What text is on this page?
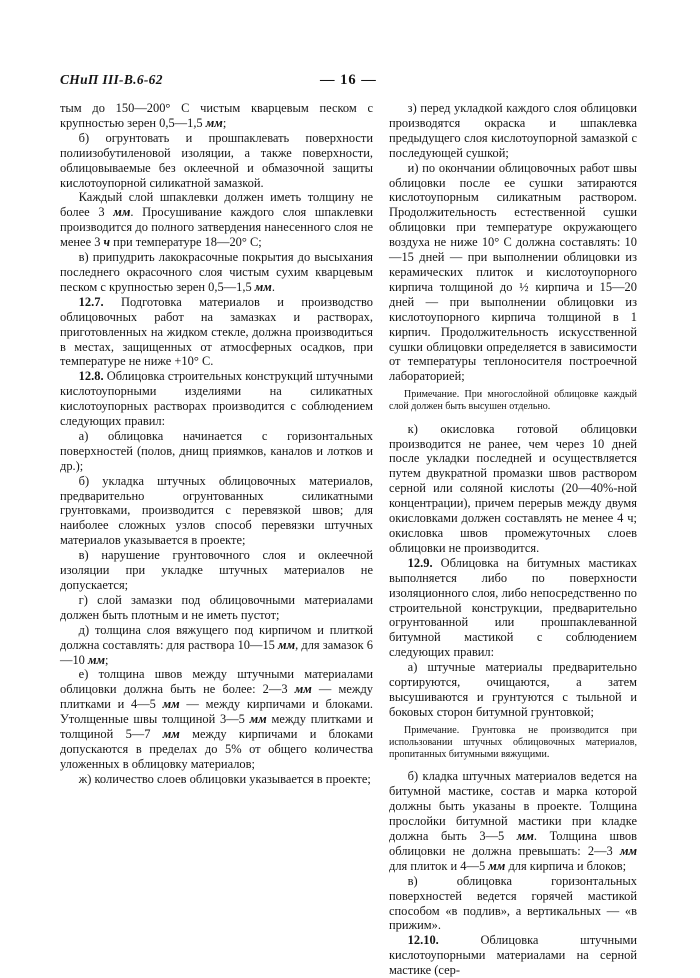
СНиП III-В.6-62	— 16 —

тым до 150—200° С чистым кварцевым песком с крупностью зерен 0,5—1,5 мм;

б) огрунтовать и прошпаклевать поверхности полиизобутиленовой изоляции, а также поверхности, облицовываемые без оклеечной и обмазочной защиты кислотоупорной силикатной замазкой.

Каждый слой шпаклевки должен иметь толщину не более 3 мм. Просушивание каждого слоя шпаклевки производится до полного затвердения нанесенного слоя не менее 3 ч при температуре 18—20° С;

в) припудрить лакокрасочные покрытия до высыхания последнего окрасочного слоя чистым сухим кварцевым песком с крупностью зерен 0,5—1,5 мм.

12.7. Подготовка материалов и производство облицовочных работ на замазках и растворах, приготовленных на жидком стекле, должна производиться в местах, защищенных от атмосферных осадков, при температуре не ниже +10° С.

12.8. Облицовка строительных конструкций штучными кислотоупорными изделиями на силикатных кислотоупорных растворах производится с соблюдением следующих правил:

а) облицовка начинается с горизонтальных поверхностей (полов, днищ приямков, каналов и лотков и др.);

б) укладка штучных облицовочных материалов, предварительно огрунтованных силикатными грунтовками, производится с перевязкой швов; для наиболее сложных узлов способ перевязки штучных материалов указывается в проекте;

в) нарушение грунтовочного слоя и оклеечной изоляции при укладке штучных материалов не допускается;

г) слой замазки под облицовочными материалами должен быть плотным и не иметь пустот;

д) толщина слоя вяжущего под кирпичом и плиткой должна составлять: для раствора 10—15 мм, для замазок 6—10 мм;

е) толщина швов между штучными материалами облицовки должна быть не более: 2—3 мм — между плитками и 4—5 мм — между кирпичами и блоками. Утолщенные швы толщиной 3—5 мм между плитками и толщиной 5—7 мм между кирпичами и блоками допускаются в пределах до 5% от общего количества уложенных в облицовку материалов;

ж) количество слоев облицовки указывается в проекте;

з) перед укладкой каждого слоя облицовки производятся окраска и шпаклевка предыдущего слоя кислотоупорной замазкой с последующей сушкой;

и) по окончании облицовочных работ швы облицовки после ее сушки затираются кислотоупорным силикатным раствором. Продолжительность естественной сушки облицовки при температуре окружающего воздуха не ниже 10° С должна составлять: 10—15 дней — при выполнении облицовки из керамических плиток и кислотоупорного кирпича толщиной до ½ кирпича и 15—20 дней — при выполнении облицовки из кислотоупорного кирпича толщиной в 1 кирпич. Продолжительность искусственной сушки облицовки определяется в зависимости от температуры теплоносителя построечной лабораторией;

Примечание. При многослойной облицовке каждый слой должен быть высушен отдельно.

к) окисловка готовой облицовки производится не ранее, чем через 10 дней после укладки последней и осуществляется путем двукратной промазки швов раствором серной или соляной кислоты (20—40%-ной концентрации), причем перерыв между двумя окисловками должен составлять не менее 4 ч; окисловка швов промежуточных слоев облицовки не производится.

12.9. Облицовка на битумных мастиках выполняется либо по поверхности изоляционного слоя, либо непосредственно по строительной конструкции, предварительно огрунтованной или прошпаклеванной битумной мастикой с соблюдением следующих правил:

а) штучные материалы предварительно сортируются, очищаются, а затем высушиваются и грунтуются с тыльной и боковых сторон битумной грунтовкой;

Примечание. Грунтовка не производится при использовании штучных облицовочных материалов, пропитанных битумными вяжущими.

б) кладка штучных материалов ведется на битумной мастике, состав и марка которой должны быть указаны в проекте. Толщина прослойки битумной мастики при кладке должна быть 3—5 мм. Толщина швов облицовки не должна превышать: 2—3 мм для плиток и 4—5 мм для кирпича и блоков;

в) облицовка горизонтальных поверхностей ведется горячей мастикой способом «в подлив», а вертикальных — «в прижим».

12.10. Облицовка штучными кислотоупорными материалами на серной мастике (сер-
